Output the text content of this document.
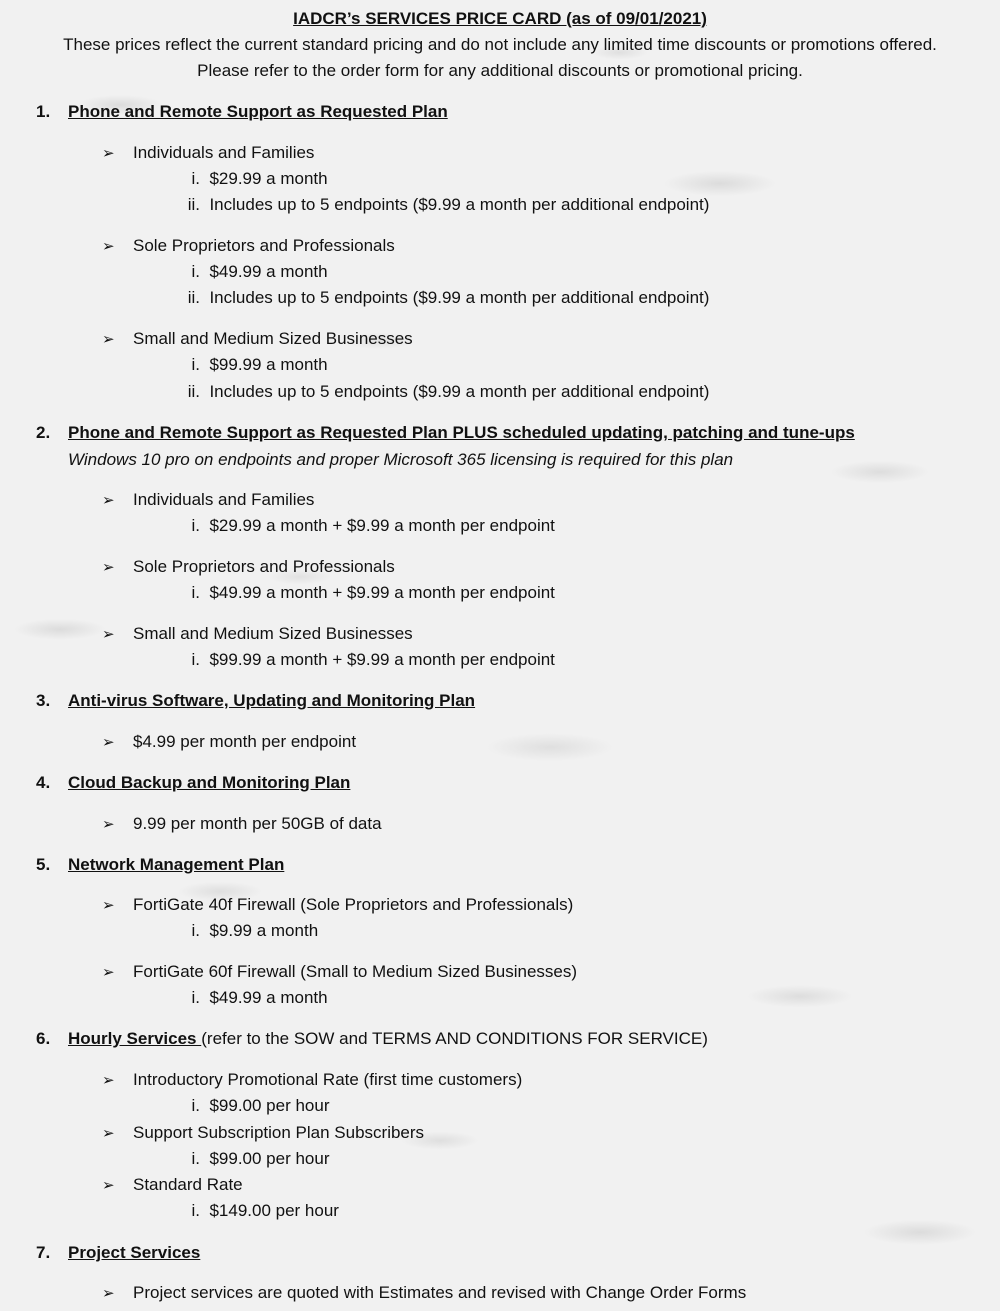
IADCR’s SERVICES PRICE CARD (as of 09/01/2021)
These prices reflect the current standard pricing and do not include any limited time discounts or promotions offered.
Please refer to the order form for any additional discounts or promotional pricing.
1. Phone and Remote Support as Requested Plan
➢ Individuals and Families
i. $29.99 a month
ii. Includes up to 5 endpoints ($9.99 a month per additional endpoint)
➢ Sole Proprietors and Professionals
i. $49.99 a month
ii. Includes up to 5 endpoints ($9.99 a month per additional endpoint)
➢ Small and Medium Sized Businesses
i. $99.99 a month
ii. Includes up to 5 endpoints ($9.99 a month per additional endpoint)
2. Phone and Remote Support as Requested Plan PLUS scheduled updating, patching and tune-ups
Windows 10 pro on endpoints and proper Microsoft 365 licensing is required for this plan
➢ Individuals and Families
i. $29.99 a month + $9.99 a month per endpoint
➢ Sole Proprietors and Professionals
i. $49.99 a month + $9.99 a month per endpoint
➢ Small and Medium Sized Businesses
i. $99.99 a month + $9.99 a month per endpoint
3. Anti-virus Software, Updating and Monitoring Plan
➢ $4.99 per month per endpoint
4. Cloud Backup and Monitoring Plan
➢ 9.99 per month per 50GB of data
5. Network Management Plan
➢ FortiGate 40f Firewall (Sole Proprietors and Professionals)
i. $9.99 a month
➢ FortiGate 60f Firewall (Small to Medium Sized Businesses)
i. $49.99 a month
6. Hourly Services (refer to the SOW and TERMS AND CONDITIONS FOR SERVICE)
➢ Introductory Promotional Rate (first time customers)
i. $99.00 per hour
➢ Support Subscription Plan Subscribers
i. $99.00 per hour
➢ Standard Rate
i. $149.00 per hour
7. Project Services
➢ Project services are quoted with Estimates and revised with Change Order Forms
